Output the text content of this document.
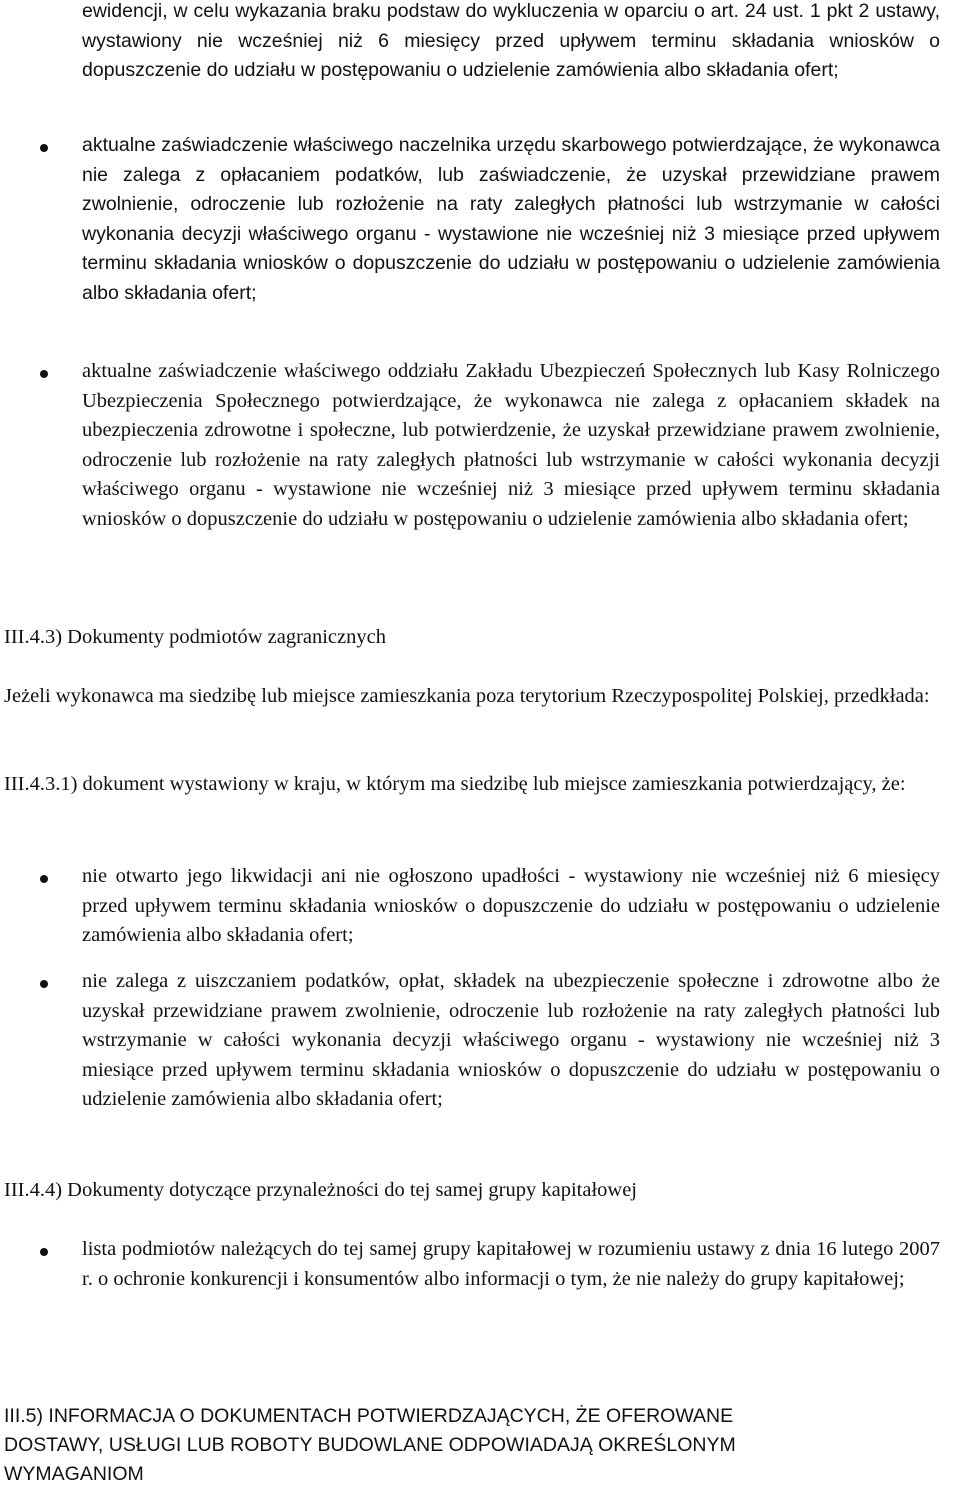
ewidencji, w celu wykazania braku podstaw do wykluczenia w oparciu o art. 24 ust. 1 pkt 2 ustawy, wystawiony nie wcześniej niż 6 miesięcy przed upływem terminu składania wniosków o dopuszczenie do udziału w postępowaniu o udzielenie zamówienia albo składania ofert;

aktualne zaświadczenie właściwego naczelnika urzędu skarbowego potwierdzające, że wykonawca nie zalega z opłacaniem podatków, lub zaświadczenie, że uzyskał przewidziane prawem zwolnienie, odroczenie lub rozłożenie na raty zaległych płatności lub wstrzymanie w całości wykonania decyzji właściwego organu - wystawione nie wcześniej niż 3 miesiące przed upływem terminu składania wniosków o dopuszczenie do udziału w postępowaniu o udzielenie zamówienia albo składania ofert;

aktualne zaświadczenie właściwego oddziału Zakładu Ubezpieczeń Społecznych lub Kasy Rolniczego Ubezpieczenia Społecznego potwierdzające, że wykonawca nie zalega z opłacaniem składek na ubezpieczenia zdrowotne i społeczne, lub potwierdzenie, że uzyskał przewidziane prawem zwolnienie, odroczenie lub rozłożenie na raty zaległych płatności lub wstrzymanie w całości wykonania decyzji właściwego organu - wystawione nie wcześniej niż 3 miesiące przed upływem terminu składania wniosków o dopuszczenie do udziału w postępowaniu o udzielenie zamówienia albo składania ofert;

III.4.3) Dokumenty podmiotów zagranicznych

Jeżeli wykonawca ma siedzibę lub miejsce zamieszkania poza terytorium Rzeczypospolitej Polskiej, przedkłada:

III.4.3.1) dokument wystawiony w kraju, w którym ma siedzibę lub miejsce zamieszkania potwierdzający, że:

nie otwarto jego likwidacji ani nie ogłoszono upadłości - wystawiony nie wcześniej niż 6 miesięcy przed upływem terminu składania wniosków o dopuszczenie do udziału w postępowaniu o udzielenie zamówienia albo składania ofert;

nie zalega z uiszczaniem podatków, opłat, składek na ubezpieczenie społeczne i zdrowotne albo że uzyskał przewidziane prawem zwolnienie, odroczenie lub rozłożenie na raty zaległych płatności lub wstrzymanie w całości wykonania decyzji właściwego organu - wystawiony nie wcześniej niż 3 miesiące przed upływem terminu składania wniosków o dopuszczenie do udziału w postępowaniu o udzielenie zamówienia albo składania ofert;

III.4.4) Dokumenty dotyczące przynależności do tej samej grupy kapitałowej

lista podmiotów należących do tej samej grupy kapitałowej w rozumieniu ustawy z dnia 16 lutego 2007 r. o ochronie konkurencji i konsumentów albo informacji o tym, że nie należy do grupy kapitałowej;

III.5) INFORMACJA O DOKUMENTACH POTWIERDZAJĄCYCH, ŻE OFEROWANE

DOSTAWY, USŁUGI LUB ROBOTY BUDOWLANE ODPOWIADAJĄ OKREŚLONYM

WYMAGANIOM
